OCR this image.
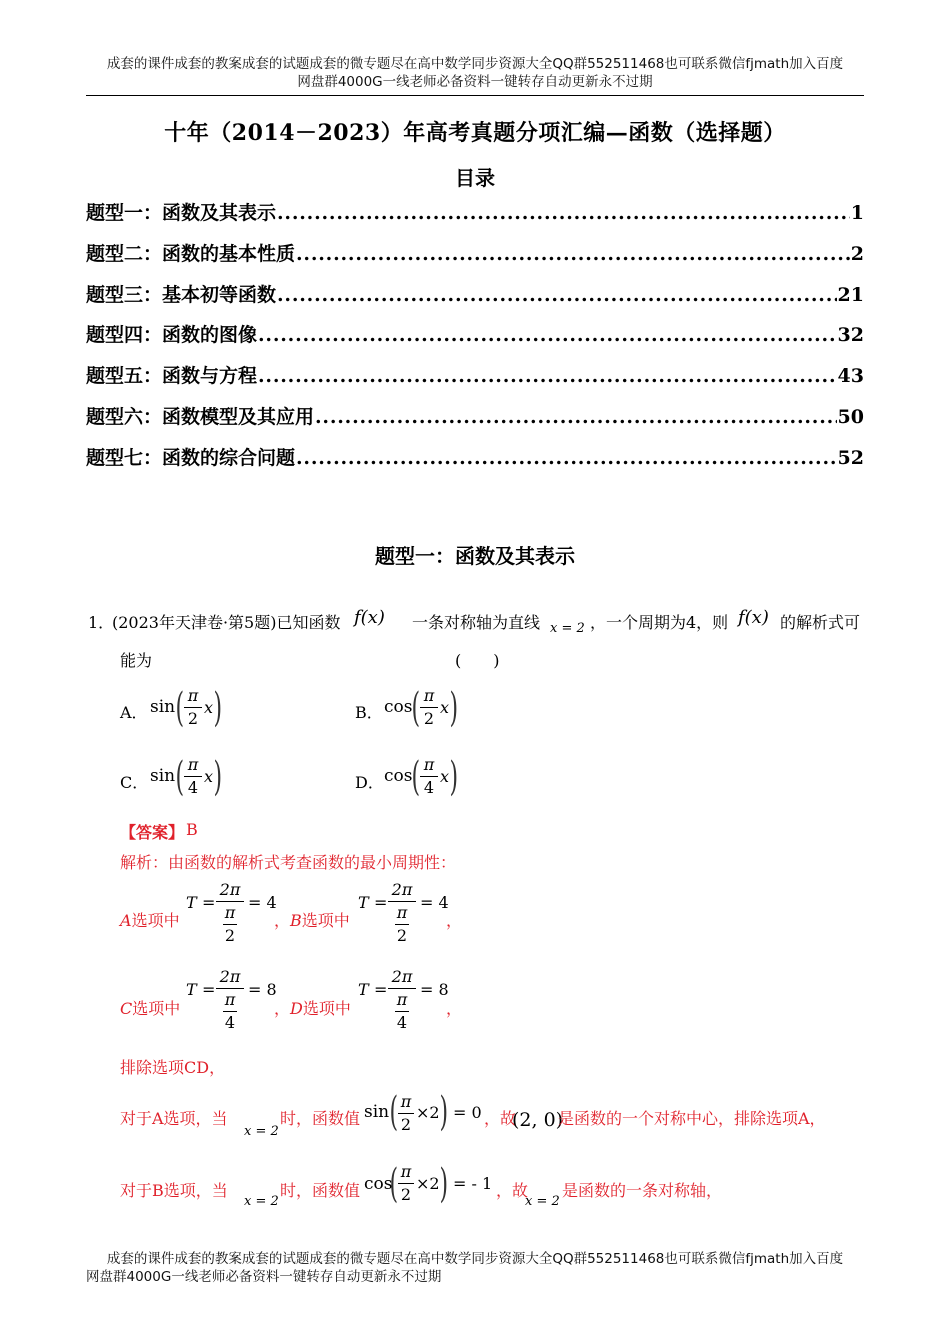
成套的课件成套的教案成套的试题成套的微专题尽在高中数学同步资源大全QQ群552511468也可联系微信fjmath加入百度
网盘群4000G一线老师必备资料一键转存自动更新永不过期
十年（2014－2023）年高考真题分项汇编—函数（选择题）
目录
题型一：函数及其表示 .....	1
题型二：函数的基本性质 .....	2
题型三：基本初等函数 .....	21
题型四：函数的图像 .....	32
题型五：函数与方程 .....	43
题型六：函数模型及其应用 .....	50
题型七：函数的综合问题 .....	52
题型一：函数及其表示
1．
(2023年天津卷·第5题)已知函数 f(x) 一条对称轴为直线 x = 2 ，一个周期为4，则 f(x) 的解析式可
能为	(　　)
A． sin ( π
2
x )	B． cos ( π
2
x )
C． sin ( π
4
x )	D． cos ( π
4
x )
【答案】 B
解析：由函数的解析式考查函数的最小周期性：
A选项中
T =
2π
π
2
= 4
， B选项中
T =
2π
π
2
= 4
，
C选项中
T =
2π
π
4
= 8
， D选项中
T =
2π
π
4
= 8
，
排除选项CD，
对于A选项，当
x = 2
时，函数值 sin ( π
2
×2 ) = 0 ，故
(2, 0)
是函数的一个对称中心，排除选项A，
对于B选项，当
x = 2
时，函数值 cos
( π
2
×2 ) = - 1 ，故
x = 2
是函数的一条对称轴，
成套的课件成套的教案成套的试题成套的微专题尽在高中数学同步资源大全QQ群552511468也可联系微信fjmath加入百度
网盘群4000G一线老师必备资料一键转存自动更新永不过期
